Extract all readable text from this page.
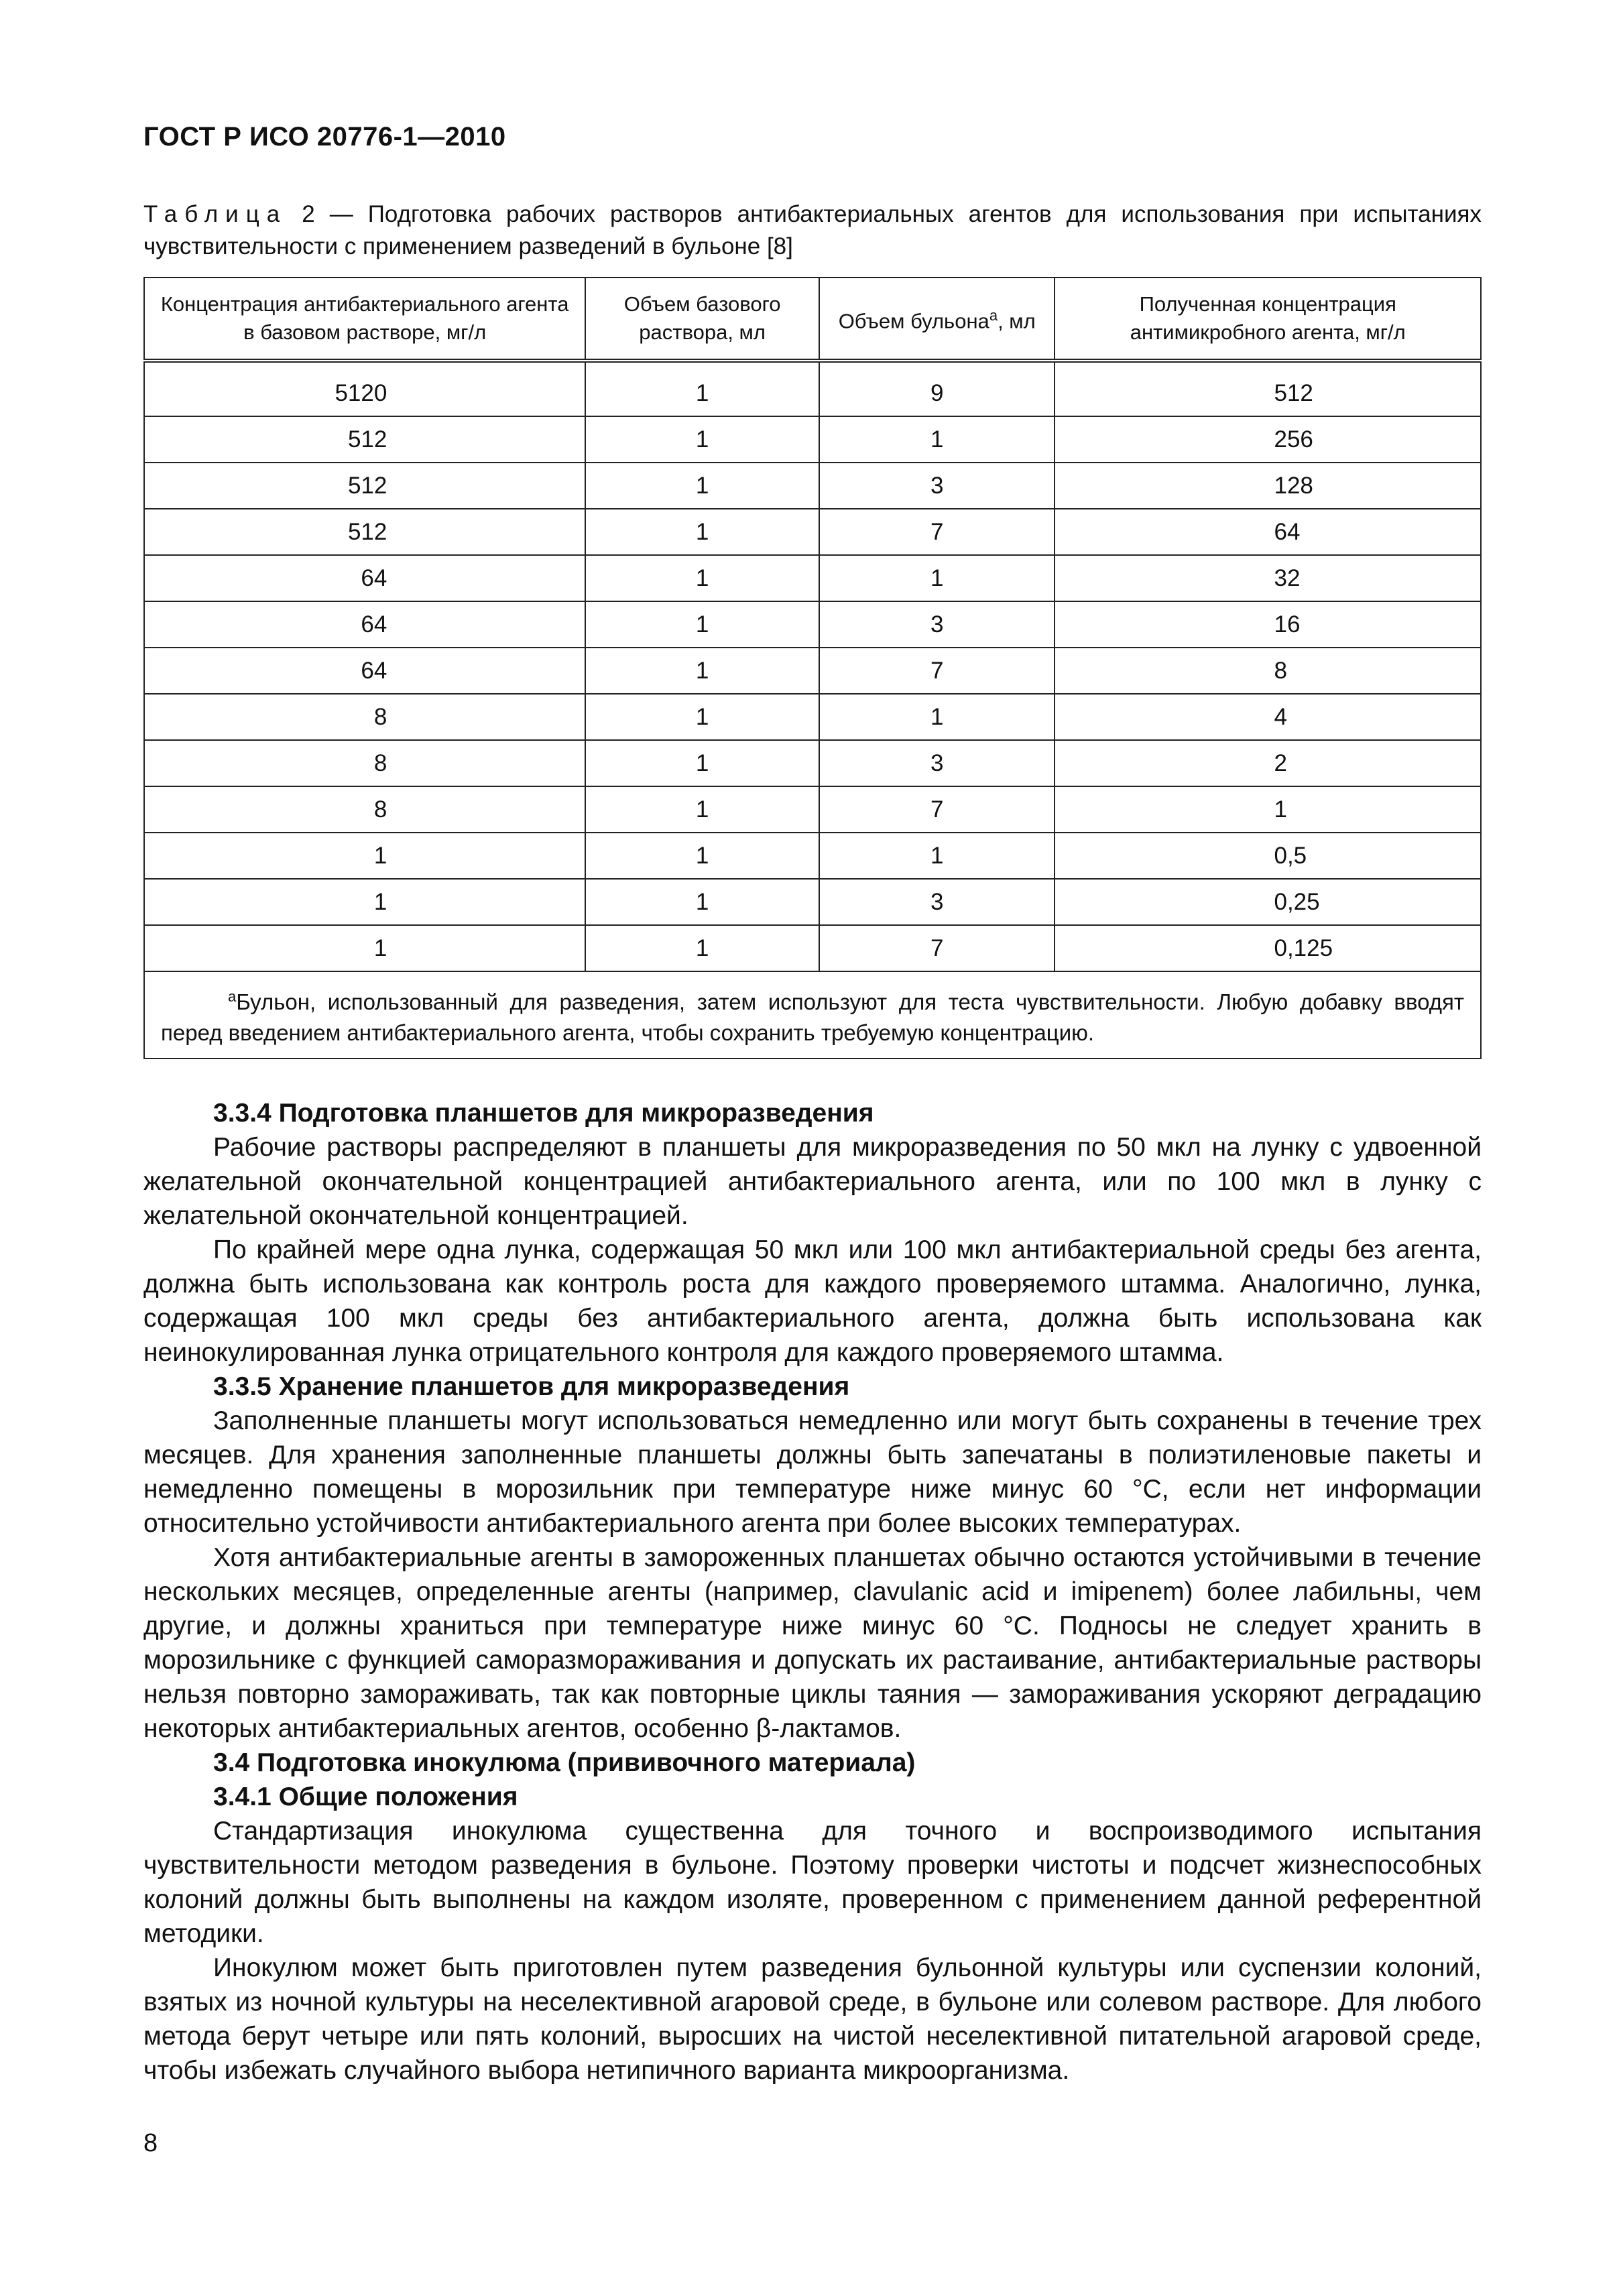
ГОСТ Р ИСО 20776-1—2010
Таблица 2 — Подготовка рабочих растворов антибактериальных агентов для использования при испытаниях чувствительности с применением разведений в бульоне [8]
Концентрация антибактериального агента в базовом растворе, мг/л	Объем базового раствора, мл	Объем бульона$^a$, мл	Полученная концентрация антимикробного агента, мг/л
5120	1	9	512
512	1	1	256
512	1	3	128
512	1	7	64
64	1	1	32
64	1	3	16
64	1	7	8
8	1	1	4
8	1	3	2
8	1	7	1
1	1	1	0,5
1	1	3	0,25
1	1	7	0,125
$^a$Бульон, использованный для разведения, затем используют для теста чувствительности. Любую добавку вводят перед введением антибактериального агента, чтобы сохранить требуемую концентрацию.			
3.3.4 Подготовка планшетов для микроразведения

Рабочие растворы распределяют в планшеты для микроразведения по 50 мкл на лунку с удвоенной желательной окончательной концентрацией антибактериального агента, или по 100 мкл в лунку с желательной окончательной концентрацией.

По крайней мере одна лунка, содержащая 50 мкл или 100 мкл антибактериальной среды без агента, должна быть использована как контроль роста для каждого проверяемого штамма. Аналогично, лунка, содержащая 100 мкл среды без антибактериального агента, должна быть использована как неинокулированная лунка отрицательного контроля для каждого проверяемого штамма.

3.3.5 Хранение планшетов для микроразведения

Заполненные планшеты могут использоваться немедленно или могут быть сохранены в течение трех месяцев. Для хранения заполненные планшеты должны быть запечатаны в полиэтиленовые пакеты и немедленно помещены в морозильник при температуре ниже минус 60 °С, если нет информации относительно устойчивости антибактериального агента при более высоких температурах.

Хотя антибактериальные агенты в замороженных планшетах обычно остаются устойчивыми в течение нескольких месяцев, определенные агенты (например, clavulanic acid и imipenem) более лабильны, чем другие, и должны храниться при температуре ниже минус 60 °С. Подносы не следует хранить в морозильнике с функцией саморазмораживания и допускать их растаивание, антибактериальные растворы нельзя повторно замораживать, так как повторные циклы таяния — замораживания ускоряют деградацию некоторых антибактериальных агентов, особенно β-лактамов.

3.4 Подготовка инокулюма (прививочного материала)
3.4.1 Общие положения

Стандартизация инокулюма существенна для точного и воспроизводимого испытания чувствительности методом разведения в бульоне. Поэтому проверки чистоты и подсчет жизнеспособных колоний должны быть выполнены на каждом изоляте, проверенном с применением данной референтной методики.

Инокулюм может быть приготовлен путем разведения бульонной культуры или суспензии колоний, взятых из ночной культуры на неселективной агаровой среде, в бульоне или солевом растворе. Для любого метода берут четыре или пять колоний, выросших на чистой неселективной питательной агаровой среде, чтобы избежать случайного выбора нетипичного варианта микроорганизма.

8
